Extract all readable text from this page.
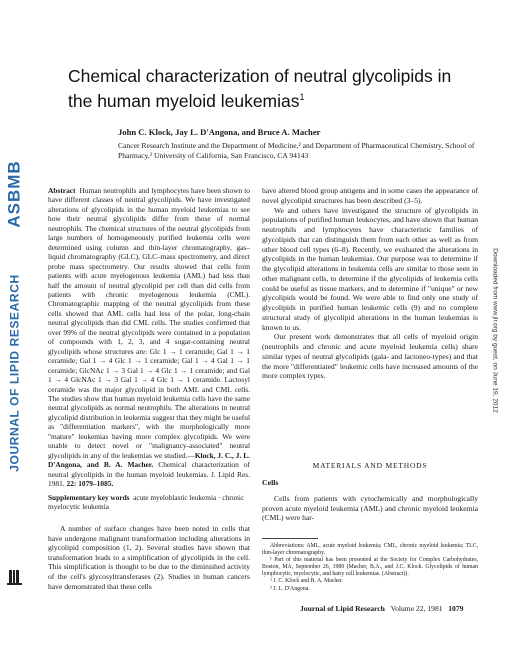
ASBMB
JOURNAL OF LIPID RESEARCH	Downloaded from www.jlr.org by guest, on June 19, 2012
Chemical characterization of neutral glycolipids in the human myeloid leukemias$^1$
John C. Klock, Jay L. D'Angona, and Bruce A. Macher
Cancer Research Institute and the Department of Medicine,² and Department of Pharmaceutical Chemistry, School of Pharmacy,² University of California, San Francisco, CA 94143
Abstract Human neutrophils and lymphocytes have been shown to have different classes of neutral glycolipids. We have investigated alterations of glycolipids in the human myeloid leukemias to see how their neutral glycolipids differ from those of normal neutrophils. The chemical structures of the neutral glycolipids from large numbers of homogeneously purified leukemia cells were determined using column and thin-layer chromatography, gas–liquid chromatography (GLC), GLC–mass spectrometry, and direct probe mass spectrometry. Our results showed that cells from patients with acute myelogenous leukemia (AML) had less than half the amount of neutral glycolipid per cell than did cells from patients with chronic myelogenous leukemia (CML). Chromatographic mapping of the neutral glycolipids from these cells showed that AML cells had less of the polar, long-chain neutral glycolipids than did CML cells. The studies confirmed that over 99% of the neutral glycolipids were contained in a population of compounds with 1, 2, 3, and 4 sugar-containing neutral glycolipids whose structures are: Glc 1 → 1 ceramide; Gal 1 → 1 ceramide; Gal 1 → 4 Glc 1 → 1 ceramide; Gal 1 → 4 Gal 1 → 1 ceramide; GlcNAc 1 → 3 Gal 1 → 4 Glc 1 → 1 ceramide; and Gal 1 → 4 GlcNAc 1 → 3 Gal 1 → 4 Glc 1 → 1 ceramide. Lactosyl ceramide was the major glycolipid in both AML and CML cells. The studies show that human myeloid leukemia cells have the same neutral glycolipids as normal neutrophils. The alterations in neutral glycolipid distribution in leukemia suggest that they might be useful as "differentiation markers", with the morphologically more "mature" leukemias having more complex glycolipids. We were unable to detect novel or "malignancy-associated" neutral glycolipids in any of the leukemias we studied.—Klock, J. C., J. L. D'Angona, and B. A. Macher. Chemical characterization of neutral glycolipids in the human myeloid leukemias. J. Lipid Res. 1981. 22: 1079–1085.
Supplementary key words acute myeloblastic leukemia · chronic myelocytic leukemia

A number of surface changes have been noted in cells that have undergone malignant transformation including alterations in glycolipid composition (1, 2). Several studies have shown that transformation leads to a simplification of glycolipids in the cell. This simplification is thought to be due to the diminished activity of the cell's glycosyltransferases (2). Studies in human cancers have demonstrated that these cells

have altered blood group antigens and in some cases the appearance of novel glycolipid structures has been described (3–5).

We and others have investigated the structure of glycolipids in populations of purified human leukocytes, and have shown that human neutrophils and lymphocytes have characteristic families of glycolipids that can distinguish them from each other as well as from other blood cell types (6–8). Recently, we evaluated the alterations in glycolipids in the human leukemias. Our purpose was to determine if the glycolipid alterations in leukemia cells are similar to those seen in other malignant cells, to determine if the glycolipids of leukemia cells could be useful as tissue markers, and to determine if "unique" or new glycolipids would be found. We were able to find only one study of glycolipids in purified human leukemic cells (9) and no complete structural study of glycolipid alterations in the human leukemias is known to us.

Our present work demonstrates that all cells of myeloid origin (neutrophils and chronic and acute myeloid leukemia cells) share similar types of neutral glycolipids (gala- and lactoneo-types) and that the more "differentiated" leukemic cells have increased amounts of the more complex types.

MATERIALS AND METHODS
Cells

Cells from patients with cytochemically and morphologically proven acute myeloid leukemia (AML) and chronic myeloid leukemia (CML) were har-

Abbreviations: AML, acute myeloid leukemia; CML, chronic myeloid leukemia; TLC, thin-layer chromatography.

¹ Part of this material has been presented at the Society for Complex Carbohydrates, Boston, MA, September 26, 1980 (Macher, B.A., and J.C. Klock. Glycolipids of human lymphocytic, myelocytic, and hairy cell leukemias. (Abstract)).

² J. C. Klock and B. A. Macher.

³ J. L. D'Angona.

Journal of Lipid Research Volume 22, 1981 1079
